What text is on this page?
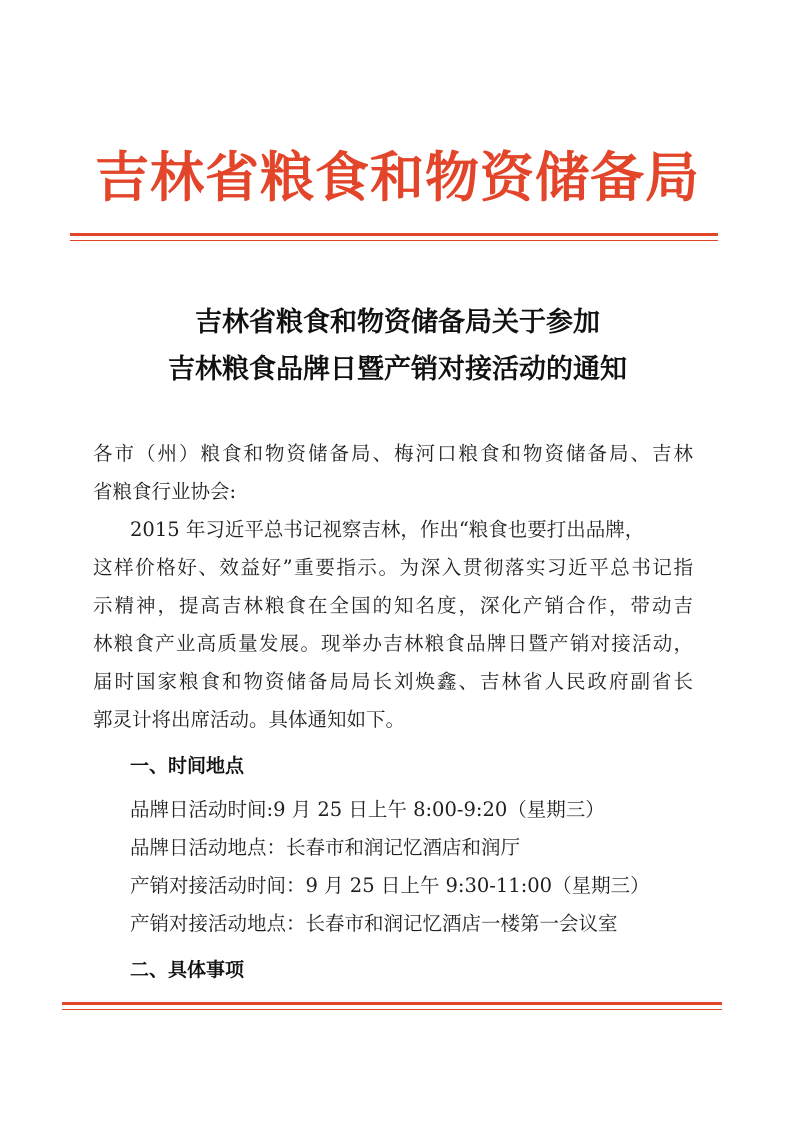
吉林省粮食和物资储备局
吉林省粮食和物资储备局关于参加
吉林粮食品牌日暨产销对接活动的通知
各市（州）粮食和物资储备局、梅河口粮食和物资储备局、吉林
省粮食行业协会:
2015 年习近平总书记视察吉林，作出“粮食也要打出品牌，
这样价格好、效益好”重要指示。为深入贯彻落实习近平总书记指
示精神，提高吉林粮食在全国的知名度，深化产销合作，带动吉
林粮食产业高质量发展。现举办吉林粮食品牌日暨产销对接活动，
届时国家粮食和物资储备局局长刘焕鑫、吉林省人民政府副省长
郭灵计将出席活动。具体通知如下。
一、时间地点
品牌日活动时间:9 月 25 日上午 8:00-9:20（星期三）
品牌日活动地点：长春市和润记忆酒店和润厅
产销对接活动时间：9 月 25 日上午 9:30-11:00（星期三）
产销对接活动地点：长春市和润记忆酒店一楼第一会议室
二、具体事项
